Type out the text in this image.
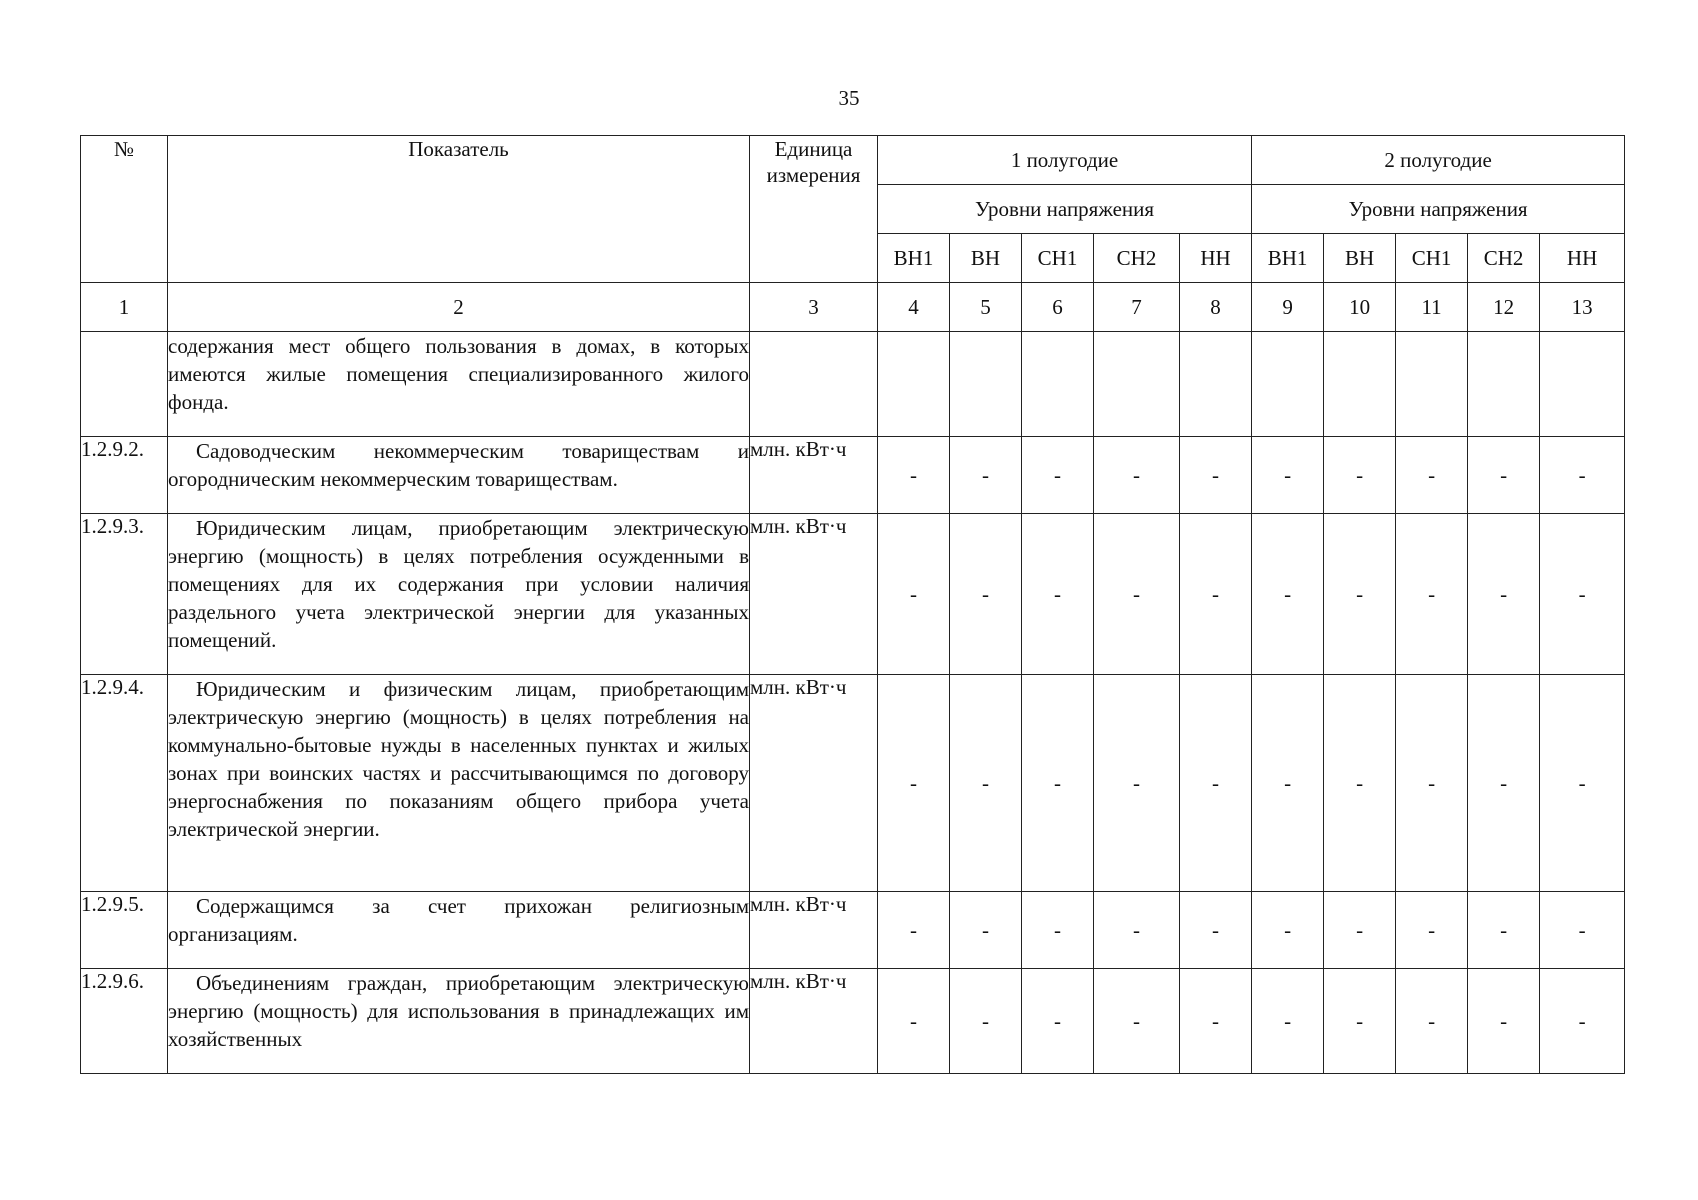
35
№	Показатель	Единица измерения	1 полугодие					2 полугодие				
			Уровни напряжения					Уровни напряжения				
			ВН1	ВН	СН1	СН2	НН	ВН1	ВН	СН1	СН2	НН
1	2	3	4	5	6	7	8	9	10	11	12	13
	содержания мест общего пользования в домах, в которых имеются жилые помещения специализированного жилого фонда.											
1.2.9.2.	Садоводческим некоммерческим товариществам и огородническим некоммерческим товариществам.	млн. кВт·ч	-	-	-	-	-	-	-	-	-	-
1.2.9.3.	Юридическим лицам, приобретающим электрическую энергию (мощность) в целях потребления осужденными в помещениях для их содержания при условии наличия раздельного учета электрической энергии для указанных помещений.	млн. кВт·ч	-	-	-	-	-	-	-	-	-	-
1.2.9.4.	Юридическим и физическим лицам, приобретающим электрическую энергию (мощность) в целях потребления на коммунально-бытовые нужды в населенных пунктах и жилых зонах при воинских частях и рассчитывающимся по договору энергоснабжения по показаниям общего прибора учета электрической энергии.	млн. кВт·ч	-	-	-	-	-	-	-	-	-	-
1.2.9.5.	Содержащимся за счет прихожан религиозным организациям.	млн. кВт·ч	-	-	-	-	-	-	-	-	-	-
1.2.9.6.	Объединениям граждан, приобретающим электрическую энергию (мощность) для использования в принадлежащих им хозяйственных	млн. кВт·ч	-	-	-	-	-	-	-	-	-	-
